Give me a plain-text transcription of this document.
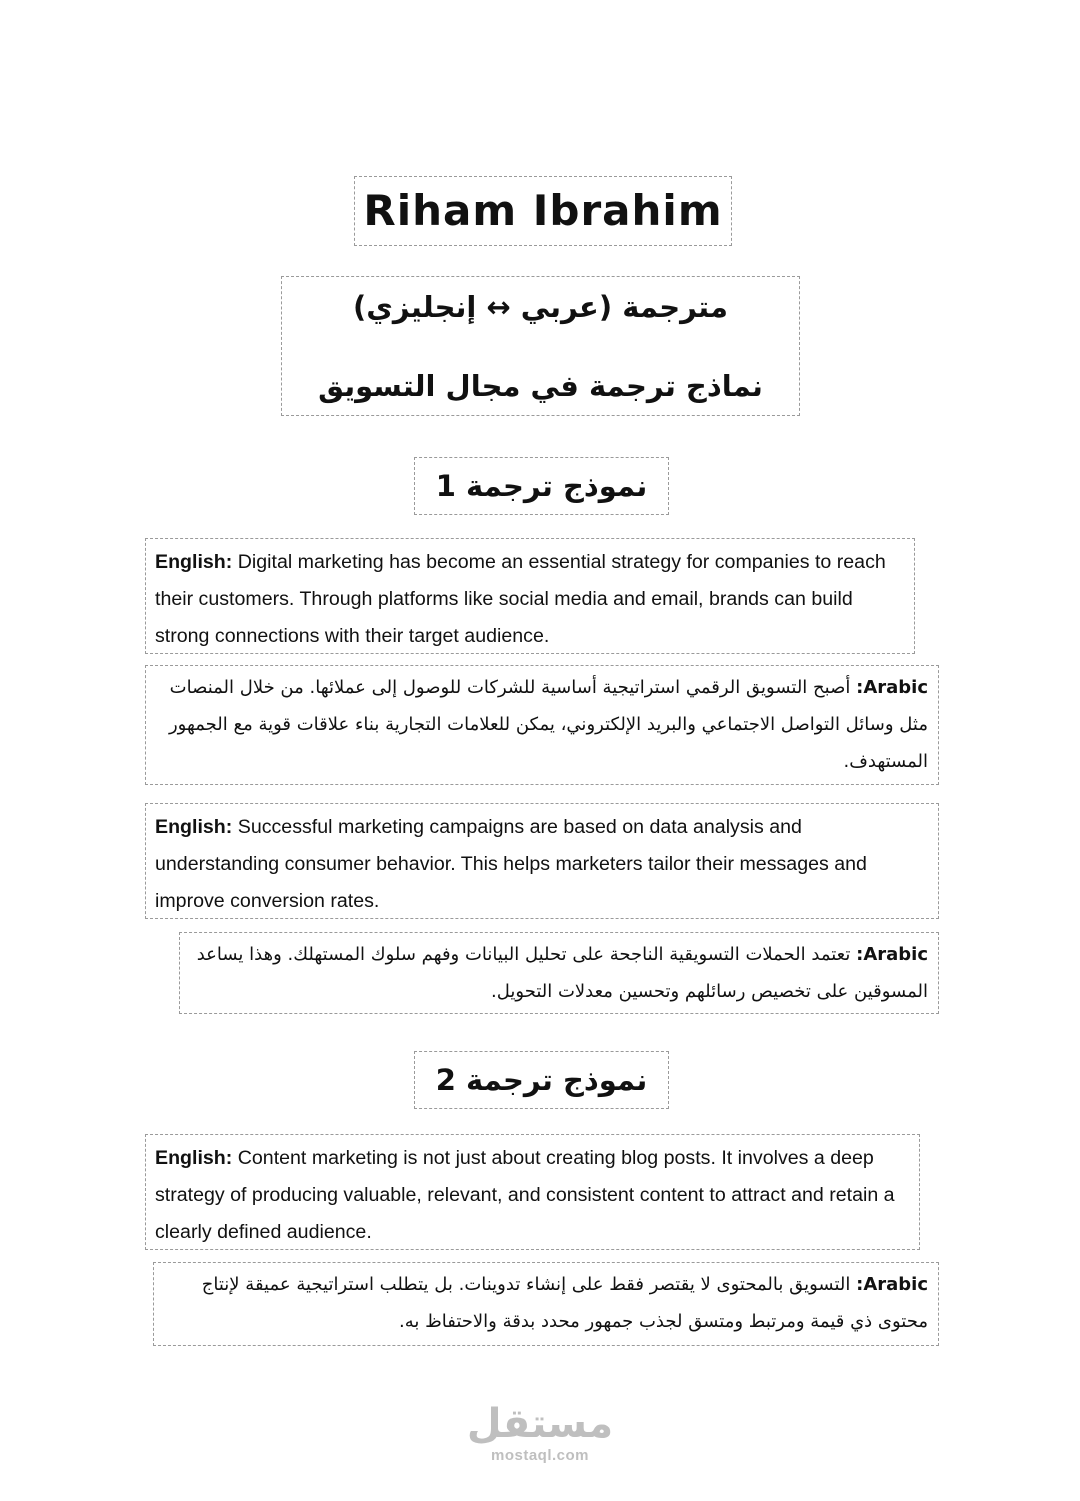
Riham Ibrahim
مترجمة (عربي ↔ إنجليزي)
نماذج ترجمة في مجال التسويق
نموذج ترجمة 1
English: Digital marketing has become an essential strategy for companies to reach their customers. Through platforms like social media and email, brands can build strong connections with their target audience.
Arabic: أصبح التسويق الرقمي استراتيجية أساسية للشركات للوصول إلى عملائها. من خلال المنصات مثل وسائل التواصل الاجتماعي والبريد الإلكتروني، يمكن للعلامات التجارية بناء علاقات قوية مع الجمهور المستهدف.
English: Successful marketing campaigns are based on data analysis and understanding consumer behavior. This helps marketers tailor their messages and improve conversion rates.
Arabic: تعتمد الحملات التسويقية الناجحة على تحليل البيانات وفهم سلوك المستهلك. وهذا يساعد المسوقين على تخصيص رسائلهم وتحسين معدلات التحويل.
نموذج ترجمة 2
English: Content marketing is not just about creating blog posts. It involves a deep strategy of producing valuable, relevant, and consistent content to attract and retain a clearly defined audience.
Arabic: التسويق بالمحتوى لا يقتصر فقط على إنشاء تدوينات. بل يتطلب استراتيجية عميقة لإنتاج محتوى ذي قيمة ومرتبط ومتسق لجذب جمهور محدد بدقة والاحتفاظ به.
مستقل
mostaql.com
